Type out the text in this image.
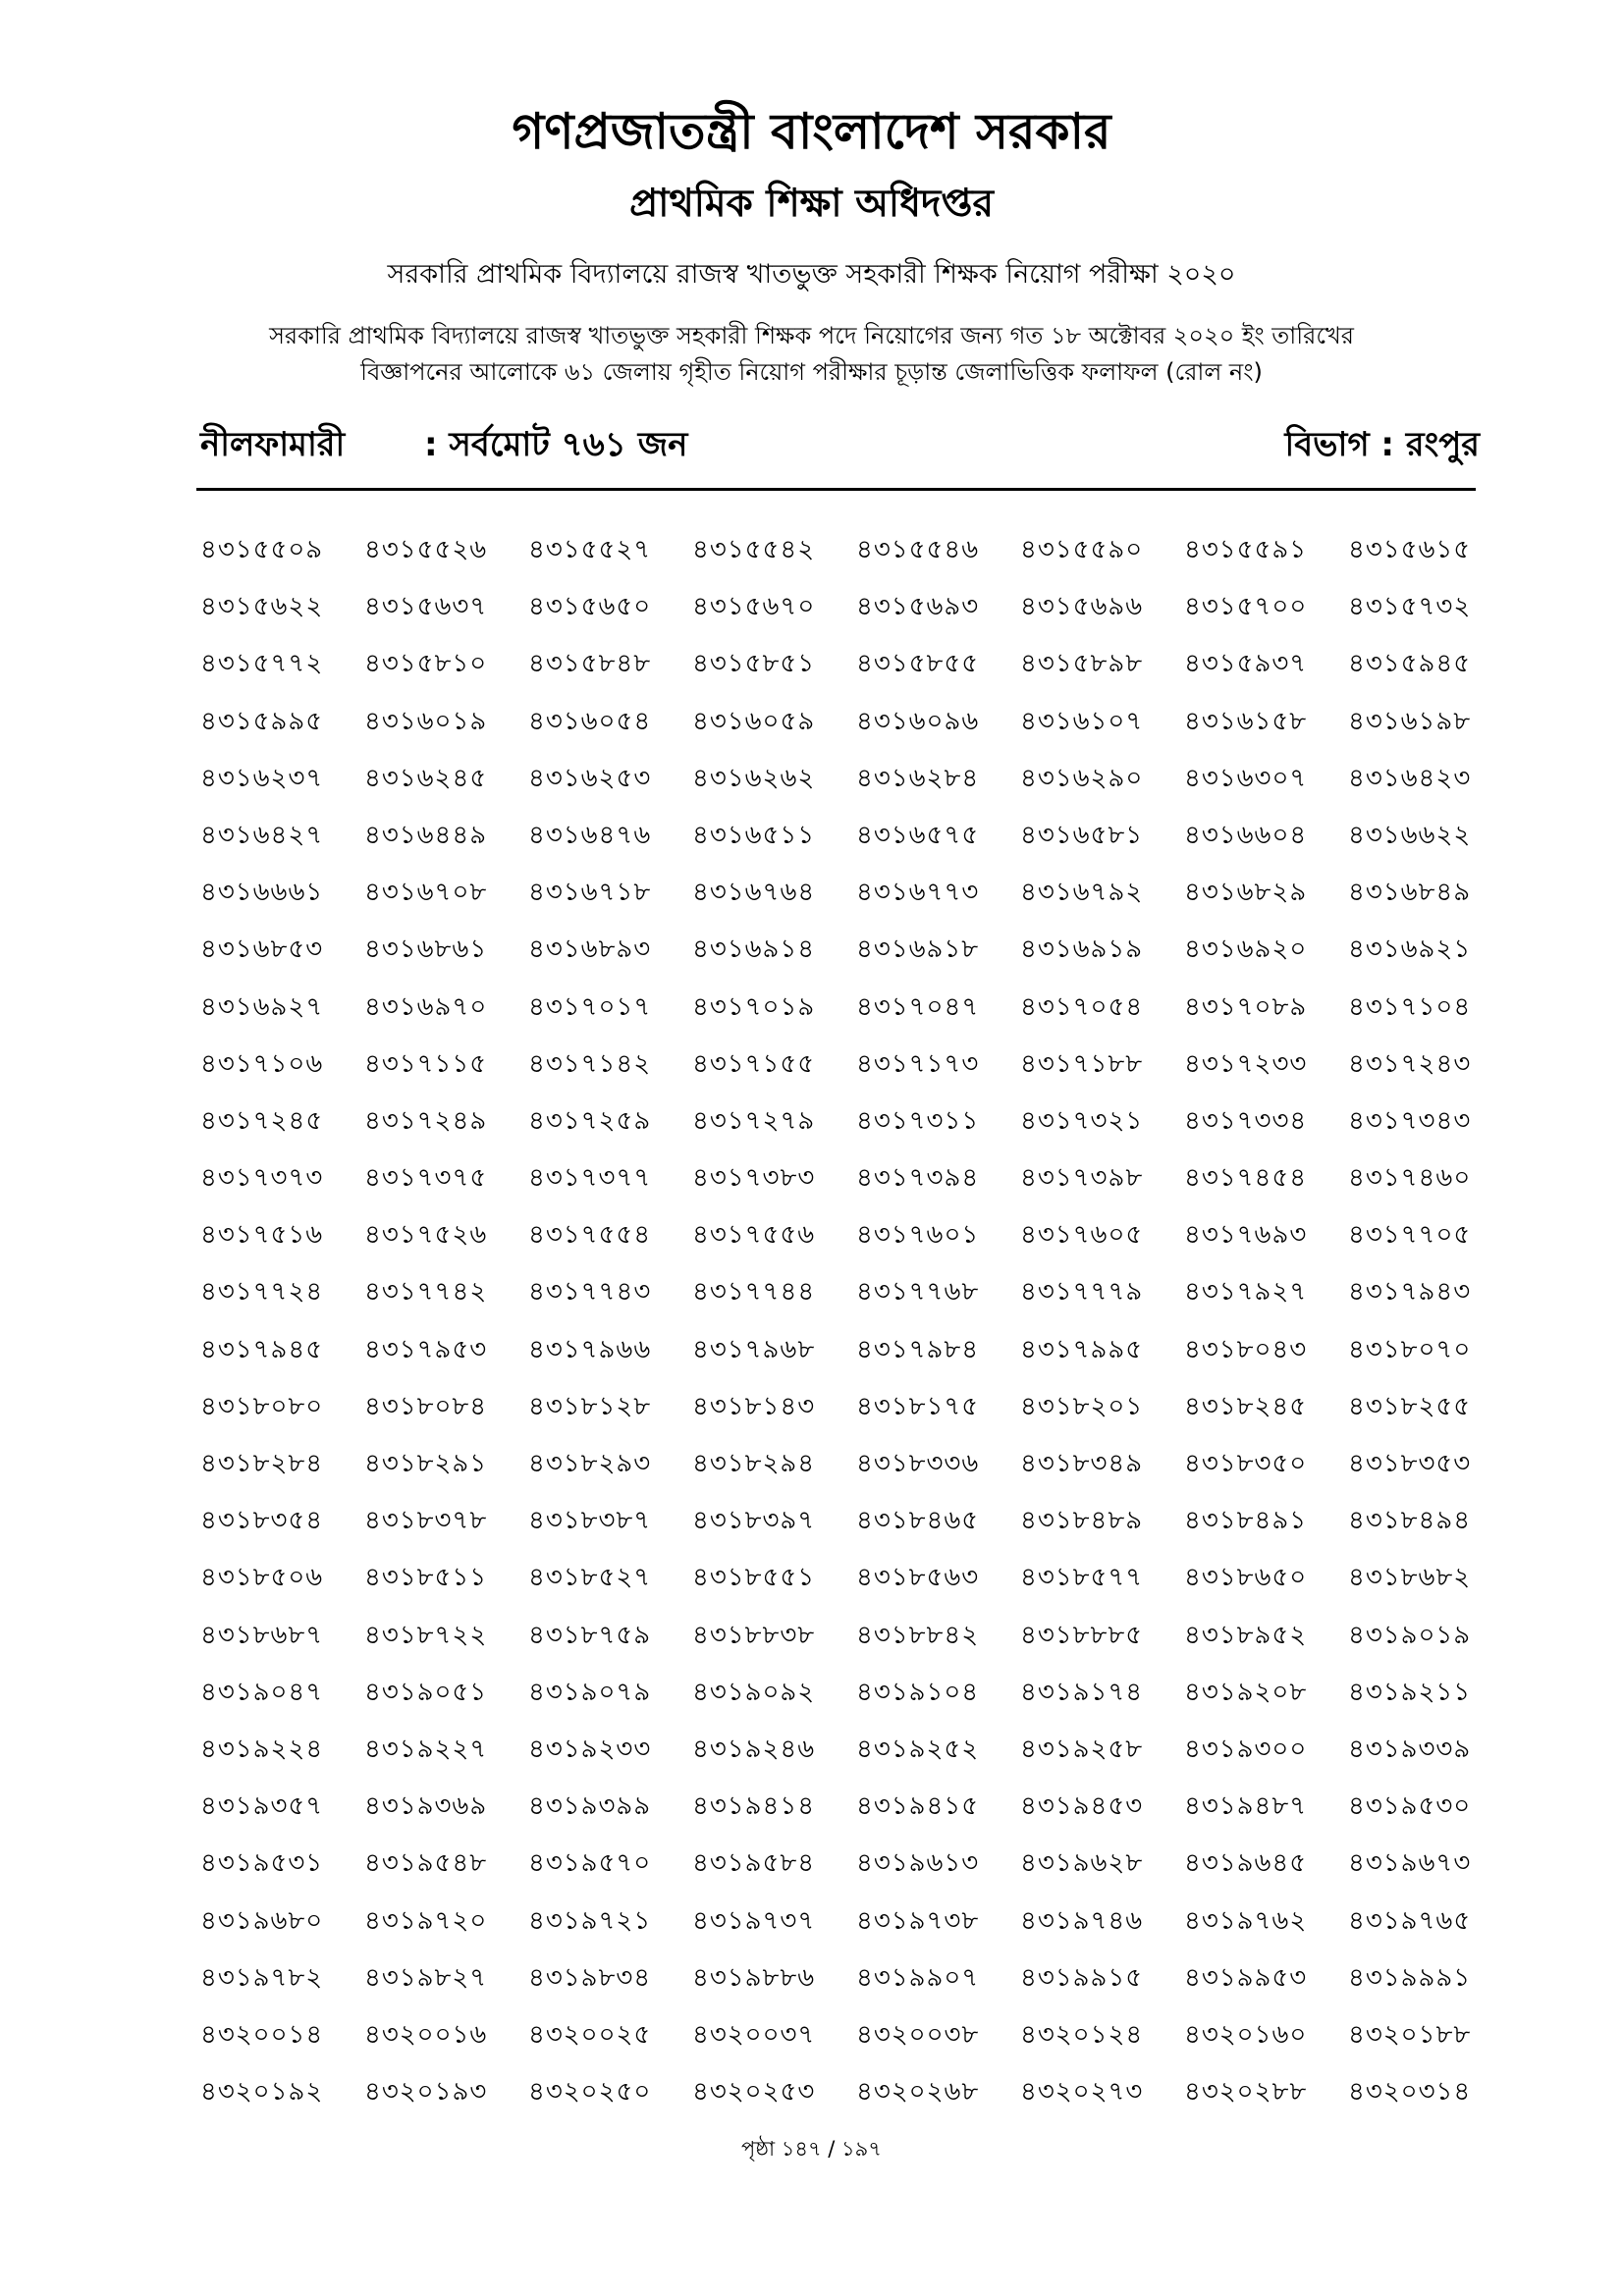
গণপ্রজাতন্ত্রী বাংলাদেশ সরকার
প্রাথমিক শিক্ষা অধিদপ্তর
সরকারি প্রাথমিক বিদ্যালয়ে রাজস্ব খাতভুক্ত সহকারী শিক্ষক নিয়োগ পরীক্ষা ২০২০
সরকারি প্রাথমিক বিদ্যালয়ে রাজস্ব খাতভুক্ত সহকারী শিক্ষক পদে নিয়োগের জন্য গত ১৮ অক্টোবর ২০২০ ইং তারিখের
বিজ্ঞাপনের আলোকে ৬১ জেলায় গৃহীত নিয়োগ পরীক্ষার চূড়ান্ত জেলাভিত্তিক ফলাফল (রোল নং)
নীলফামারী : সর্বমোট ৭৬১ জন	বিভাগ : রংপুর
৪৩১৫৫০৯ ৪৩১৫৫২৬ ৪৩১৫৫২৭ ৪৩১৫৫৪২ ৪৩১৫৫৪৬ ৪৩১৫৫৯০ ৪৩১৫৫৯১ ৪৩১৫৬১৫
৪৩১৫৬২২ ৪৩১৫৬৩৭ ৪৩১৫৬৫০ ৪৩১৫৬৭০ ৪৩১৫৬৯৩ ৪৩১৫৬৯৬ ৪৩১৫৭০০ ৪৩১৫৭৩২
৪৩১৫৭৭২ ৪৩১৫৮১০ ৪৩১৫৮৪৮ ৪৩১৫৮৫১ ৪৩১৫৮৫৫ ৪৩১৫৮৯৮ ৪৩১৫৯৩৭ ৪৩১৫৯৪৫
৪৩১৫৯৯৫ ৪৩১৬০১৯ ৪৩১৬০৫৪ ৪৩১৬০৫৯ ৪৩১৬০৯৬ ৪৩১৬১০৭ ৪৩১৬১৫৮ ৪৩১৬১৯৮
৪৩১৬২৩৭ ৪৩১৬২৪৫ ৪৩১৬২৫৩ ৪৩১৬২৬২ ৪৩১৬২৮৪ ৪৩১৬২৯০ ৪৩১৬৩০৭ ৪৩১৬৪২৩
৪৩১৬৪২৭ ৪৩১৬৪৪৯ ৪৩১৬৪৭৬ ৪৩১৬৫১১ ৪৩১৬৫৭৫ ৪৩১৬৫৮১ ৪৩১৬৬০৪ ৪৩১৬৬২২
৪৩১৬৬৬১ ৪৩১৬৭০৮ ৪৩১৬৭১৮ ৪৩১৬৭৬৪ ৪৩১৬৭৭৩ ৪৩১৬৭৯২ ৪৩১৬৮২৯ ৪৩১৬৮৪৯
৪৩১৬৮৫৩ ৪৩১৬৮৬১ ৪৩১৬৮৯৩ ৪৩১৬৯১৪ ৪৩১৬৯১৮ ৪৩১৬৯১৯ ৪৩১৬৯২০ ৪৩১৬৯২১
৪৩১৬৯২৭ ৪৩১৬৯৭০ ৪৩১৭০১৭ ৪৩১৭০১৯ ৪৩১৭০৪৭ ৪৩১৭০৫৪ ৪৩১৭০৮৯ ৪৩১৭১০৪
৪৩১৭১০৬ ৪৩১৭১১৫ ৪৩১৭১৪২ ৪৩১৭১৫৫ ৪৩১৭১৭৩ ৪৩১৭১৮৮ ৪৩১৭২৩৩ ৪৩১৭২৪৩
৪৩১৭২৪৫ ৪৩১৭২৪৯ ৪৩১৭২৫৯ ৪৩১৭২৭৯ ৪৩১৭৩১১ ৪৩১৭৩২১ ৪৩১৭৩৩৪ ৪৩১৭৩৪৩
৪৩১৭৩৭৩ ৪৩১৭৩৭৫ ৪৩১৭৩৭৭ ৪৩১৭৩৮৩ ৪৩১৭৩৯৪ ৪৩১৭৩৯৮ ৪৩১৭৪৫৪ ৪৩১৭৪৬০
৪৩১৭৫১৬ ৪৩১৭৫২৬ ৪৩১৭৫৫৪ ৪৩১৭৫৫৬ ৪৩১৭৬০১ ৪৩১৭৬০৫ ৪৩১৭৬৯৩ ৪৩১৭৭০৫
৪৩১৭৭২৪ ৪৩১৭৭৪২ ৪৩১৭৭৪৩ ৪৩১৭৭৪৪ ৪৩১৭৭৬৮ ৪৩১৭৭৭৯ ৪৩১৭৯২৭ ৪৩১৭৯৪৩
৪৩১৭৯৪৫ ৪৩১৭৯৫৩ ৪৩১৭৯৬৬ ৪৩১৭৯৬৮ ৪৩১৭৯৮৪ ৪৩১৭৯৯৫ ৪৩১৮০৪৩ ৪৩১৮০৭০
৪৩১৮০৮০ ৪৩১৮০৮৪ ৪৩১৮১২৮ ৪৩১৮১৪৩ ৪৩১৮১৭৫ ৪৩১৮২০১ ৪৩১৮২৪৫ ৪৩১৮২৫৫
৪৩১৮২৮৪ ৪৩১৮২৯১ ৪৩১৮২৯৩ ৪৩১৮২৯৪ ৪৩১৮৩৩৬ ৪৩১৮৩৪৯ ৪৩১৮৩৫০ ৪৩১৮৩৫৩
৪৩১৮৩৫৪ ৪৩১৮৩৭৮ ৪৩১৮৩৮৭ ৪৩১৮৩৯৭ ৪৩১৮৪৬৫ ৪৩১৮৪৮৯ ৪৩১৮৪৯১ ৪৩১৮৪৯৪
৪৩১৮৫০৬ ৪৩১৮৫১১ ৪৩১৮৫২৭ ৪৩১৮৫৫১ ৪৩১৮৫৬৩ ৪৩১৮৫৭৭ ৪৩১৮৬৫০ ৪৩১৮৬৮২
৪৩১৮৬৮৭ ৪৩১৮৭২২ ৪৩১৮৭৫৯ ৪৩১৮৮৩৮ ৪৩১৮৮৪২ ৪৩১৮৮৮৫ ৪৩১৮৯৫২ ৪৩১৯০১৯
৪৩১৯০৪৭ ৪৩১৯০৫১ ৪৩১৯০৭৯ ৪৩১৯০৯২ ৪৩১৯১০৪ ৪৩১৯১৭৪ ৪৩১৯২০৮ ৪৩১৯২১১
৪৩১৯২২৪ ৪৩১৯২২৭ ৪৩১৯২৩৩ ৪৩১৯২৪৬ ৪৩১৯২৫২ ৪৩১৯২৫৮ ৪৩১৯৩০০ ৪৩১৯৩৩৯
৪৩১৯৩৫৭ ৪৩১৯৩৬৯ ৪৩১৯৩৯৯ ৪৩১৯৪১৪ ৪৩১৯৪১৫ ৪৩১৯৪৫৩ ৪৩১৯৪৮৭ ৪৩১৯৫৩০
৪৩১৯৫৩১ ৪৩১৯৫৪৮ ৪৩১৯৫৭০ ৪৩১৯৫৮৪ ৪৩১৯৬১৩ ৪৩১৯৬২৮ ৪৩১৯৬৪৫ ৪৩১৯৬৭৩
৪৩১৯৬৮০ ৪৩১৯৭২০ ৪৩১৯৭২১ ৪৩১৯৭৩৭ ৪৩১৯৭৩৮ ৪৩১৯৭৪৬ ৪৩১৯৭৬২ ৪৩১৯৭৬৫
৪৩১৯৭৮২ ৪৩১৯৮২৭ ৪৩১৯৮৩৪ ৪৩১৯৮৮৬ ৪৩১৯৯০৭ ৪৩১৯৯১৫ ৪৩১৯৯৫৩ ৪৩১৯৯৯১
৪৩২০০১৪ ৪৩২০০১৬ ৪৩২০০২৫ ৪৩২০০৩৭ ৪৩২০০৩৮ ৪৩২০১২৪ ৪৩২০১৬০ ৪৩২০১৮৮
৪৩২০১৯২ ৪৩২০১৯৩ ৪৩২০২৫০ ৪৩২০২৫৩ ৪৩২০২৬৮ ৪৩২০২৭৩ ৪৩২০২৮৮ ৪৩২০৩১৪
পৃষ্ঠা ১৪৭ / ১৯৭
